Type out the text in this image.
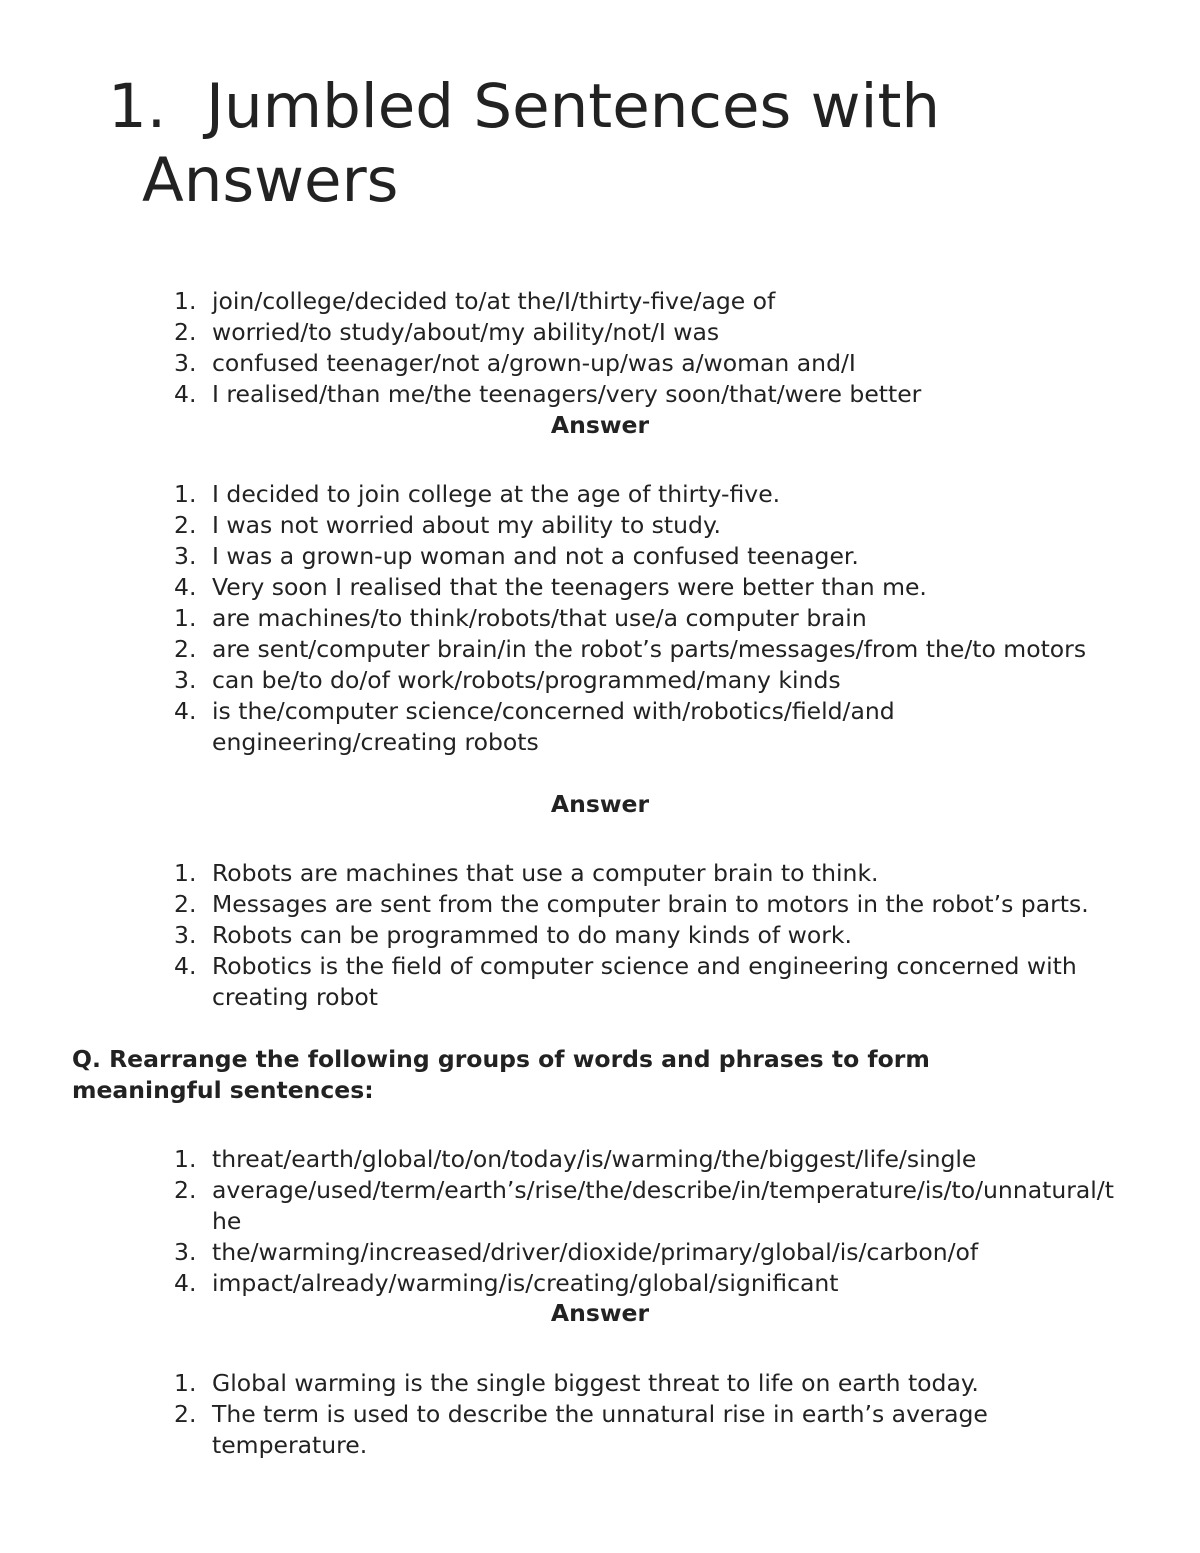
1. Jumbled Sentences with
Answers
1. join/college/decided to/at the/I/thirty-five/age of
2. worried/to study/about/my ability/not/I was
3. confused teenager/not a/grown-up/was a/woman and/I
4. I realised/than me/the teenagers/very soon/that/were better
Answer
1. I decided to join college at the age of thirty-five.
2. I was not worried about my ability to study.
3. I was a grown-up woman and not a confused teenager.
4. Very soon I realised that the teenagers were better than me.
1. are machines/to think/robots/that use/a computer brain
2. are sent/computer brain/in the robot’s parts/messages/from the/to motors
3. can be/to do/of work/robots/programmed/many kinds
4. is the/computer science/concerned with/robotics/field/and engineering/creating robots
Answer
1. Robots are machines that use a computer brain to think.
2. Messages are sent from the computer brain to motors in the robot’s parts.
3. Robots can be programmed to do many kinds of work.
4. Robotics is the field of computer science and engineering concerned with creating robot
Q. Rearrange the following groups of words and phrases to form meaningful sentences:
1. threat/earth/global/to/on/today/is/warming/the/biggest/life/single
2. average/used/term/earth’s/rise/the/describe/in/temperature/is/to/unnatural/the
3. the/warming/increased/driver/dioxide/primary/global/is/carbon/of
4. impact/already/warming/is/creating/global/significant
Answer
1. Global warming is the single biggest threat to life on earth today.
2. The term is used to describe the unnatural rise in earth’s average temperature.
